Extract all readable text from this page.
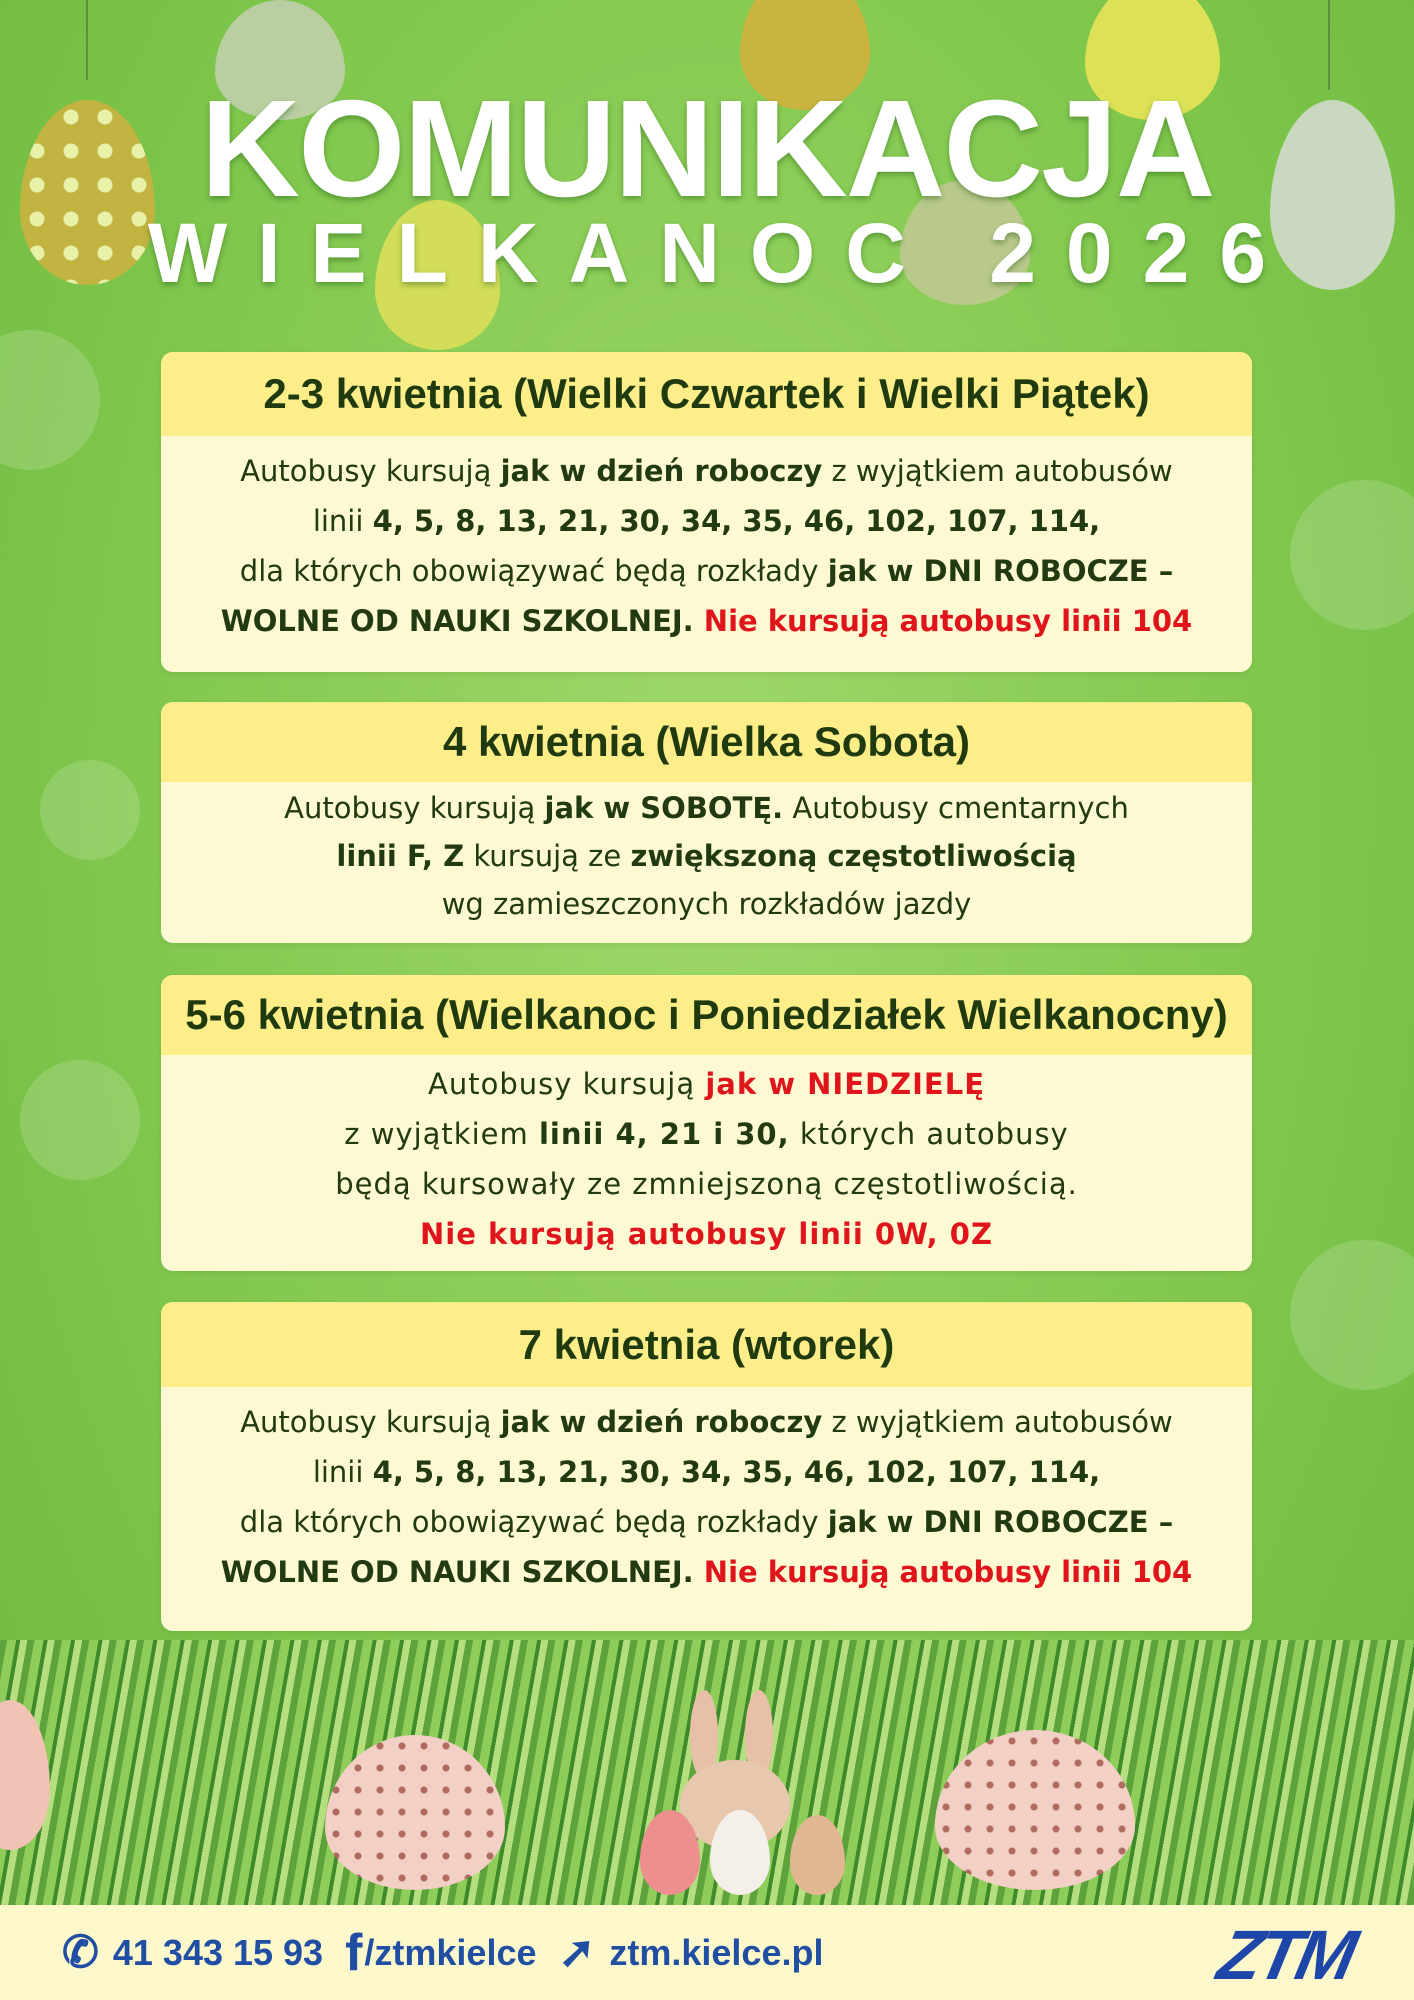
KOMUNIKACJA
WIELKANOC 2026
2-3 kwietnia (Wielki Czwartek i Wielki Piątek)
Autobusy kursują jak w dzień roboczy z wyjątkiem autobusów
linii 4, 5, 8, 13, 21, 30, 34, 35, 46, 102, 107, 114,
dla których obowiązywać będą rozkłady jak w DNI ROBOCZE –
WOLNE OD NAUKI SZKOLNEJ. Nie kursują autobusy linii 104
4 kwietnia (Wielka Sobota)
Autobusy kursują jak w SOBOTĘ. Autobusy cmentarnych
linii F, Z kursują ze zwiększoną częstotliwością
wg zamieszczonych rozkładów jazdy
5-6 kwietnia (Wielkanoc i Poniedziałek Wielkanocny)
Autobusy kursują jak w NIEDZIELĘ
z wyjątkiem linii 4, 21 i 30, których autobusy
będą kursowały ze zmniejszoną częstotliwością.
Nie kursują autobusy linii 0W, 0Z
7 kwietnia (wtorek)
Autobusy kursują jak w dzień roboczy z wyjątkiem autobusów
linii 4, 5, 8, 13, 21, 30, 34, 35, 46, 102, 107, 114,
dla których obowiązywać będą rozkłady jak w DNI ROBOCZE –
WOLNE OD NAUKI SZKOLNEJ. Nie kursują autobusy linii 104
✆ 41 343 15 93 f /ztmkielce ➚ ztm.kielce.pl	ZTM
